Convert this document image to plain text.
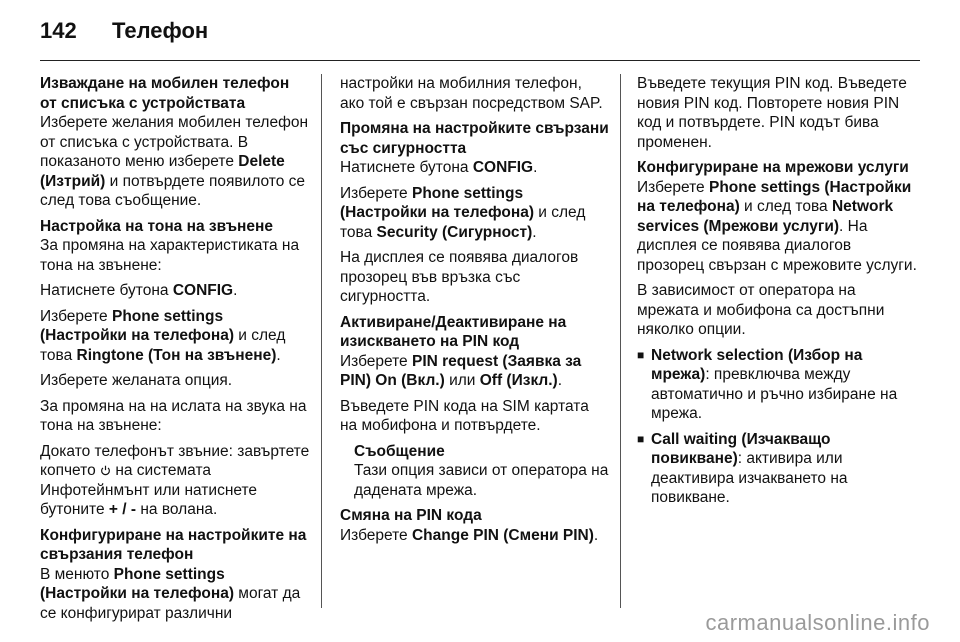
142	Телефон
Изваждане на мобилен телефон от списъка с устройствата
Изберете желания мобилен телефон от списъка с устройствата. В показаното меню изберете Delete (Изтрий) и потвърдете появилото се след това съобщение.
Настройка на тона на звънене
За промяна на характеристиката на тона на звънене:

Натиснете бутона CONFIG.

Изберете Phone settings (Настройки на телефона) и след това Ringtone (Тон на звънене).

Изберете желаната опция.

За промяна на на ислата на звука на тона на звънене:

Докато телефонът звъние: завъртете копчето  на системата Инфотейнмънт или натиснете бутоните + / - на волана.

Конфигуриране на настройките на свързания телефон
В менюто Phone settings (Настройки на телефона) могат да се конфигурират различни

настройки на мобилния телефон, ако той е свързан посредством SAP.

Промяна на настройките свързани със сигурността
Натиснете бутона CONFIG.

Изберете Phone settings (Настройки на телефона) и след това Security (Сигурност).

На дисплея се появява диалогов прозорец във връзка със сигурността.

Активиране/Деактивиране на изискването на PIN код
Изберете PIN request (Заявка за PIN) On (Вкл.) или Off (Изкл.).

Въведете PIN кода на SIM картата на мобифона и потвърдете.

Съобщение
Тази опция зависи от оператора на дадената мрежа.
Смяна на PIN кода
Изберете Change PIN (Смени PIN).

Въведете текущия PIN код. Въведете новия PIN код. Повторете новия PIN код и потвърдете. PIN кодът бива променен.

Конфигуриране на мрежови услуги
Изберете Phone settings (Настройки на телефона) и след това Network services (Мрежови услуги). На дисплея се появява диалогов прозорец свързан с мрежовите услуги.

В зависимост от оператора на мрежата и мобифона са достъпни няколко опции.

■ Network selection (Избор на мрежа): превключва между автоматично и ръчно избиране на мрежа.
■ Call waiting (Изчакващо повикване): активира или деактивира изчакването на повикване.
carmanualsonline.info
